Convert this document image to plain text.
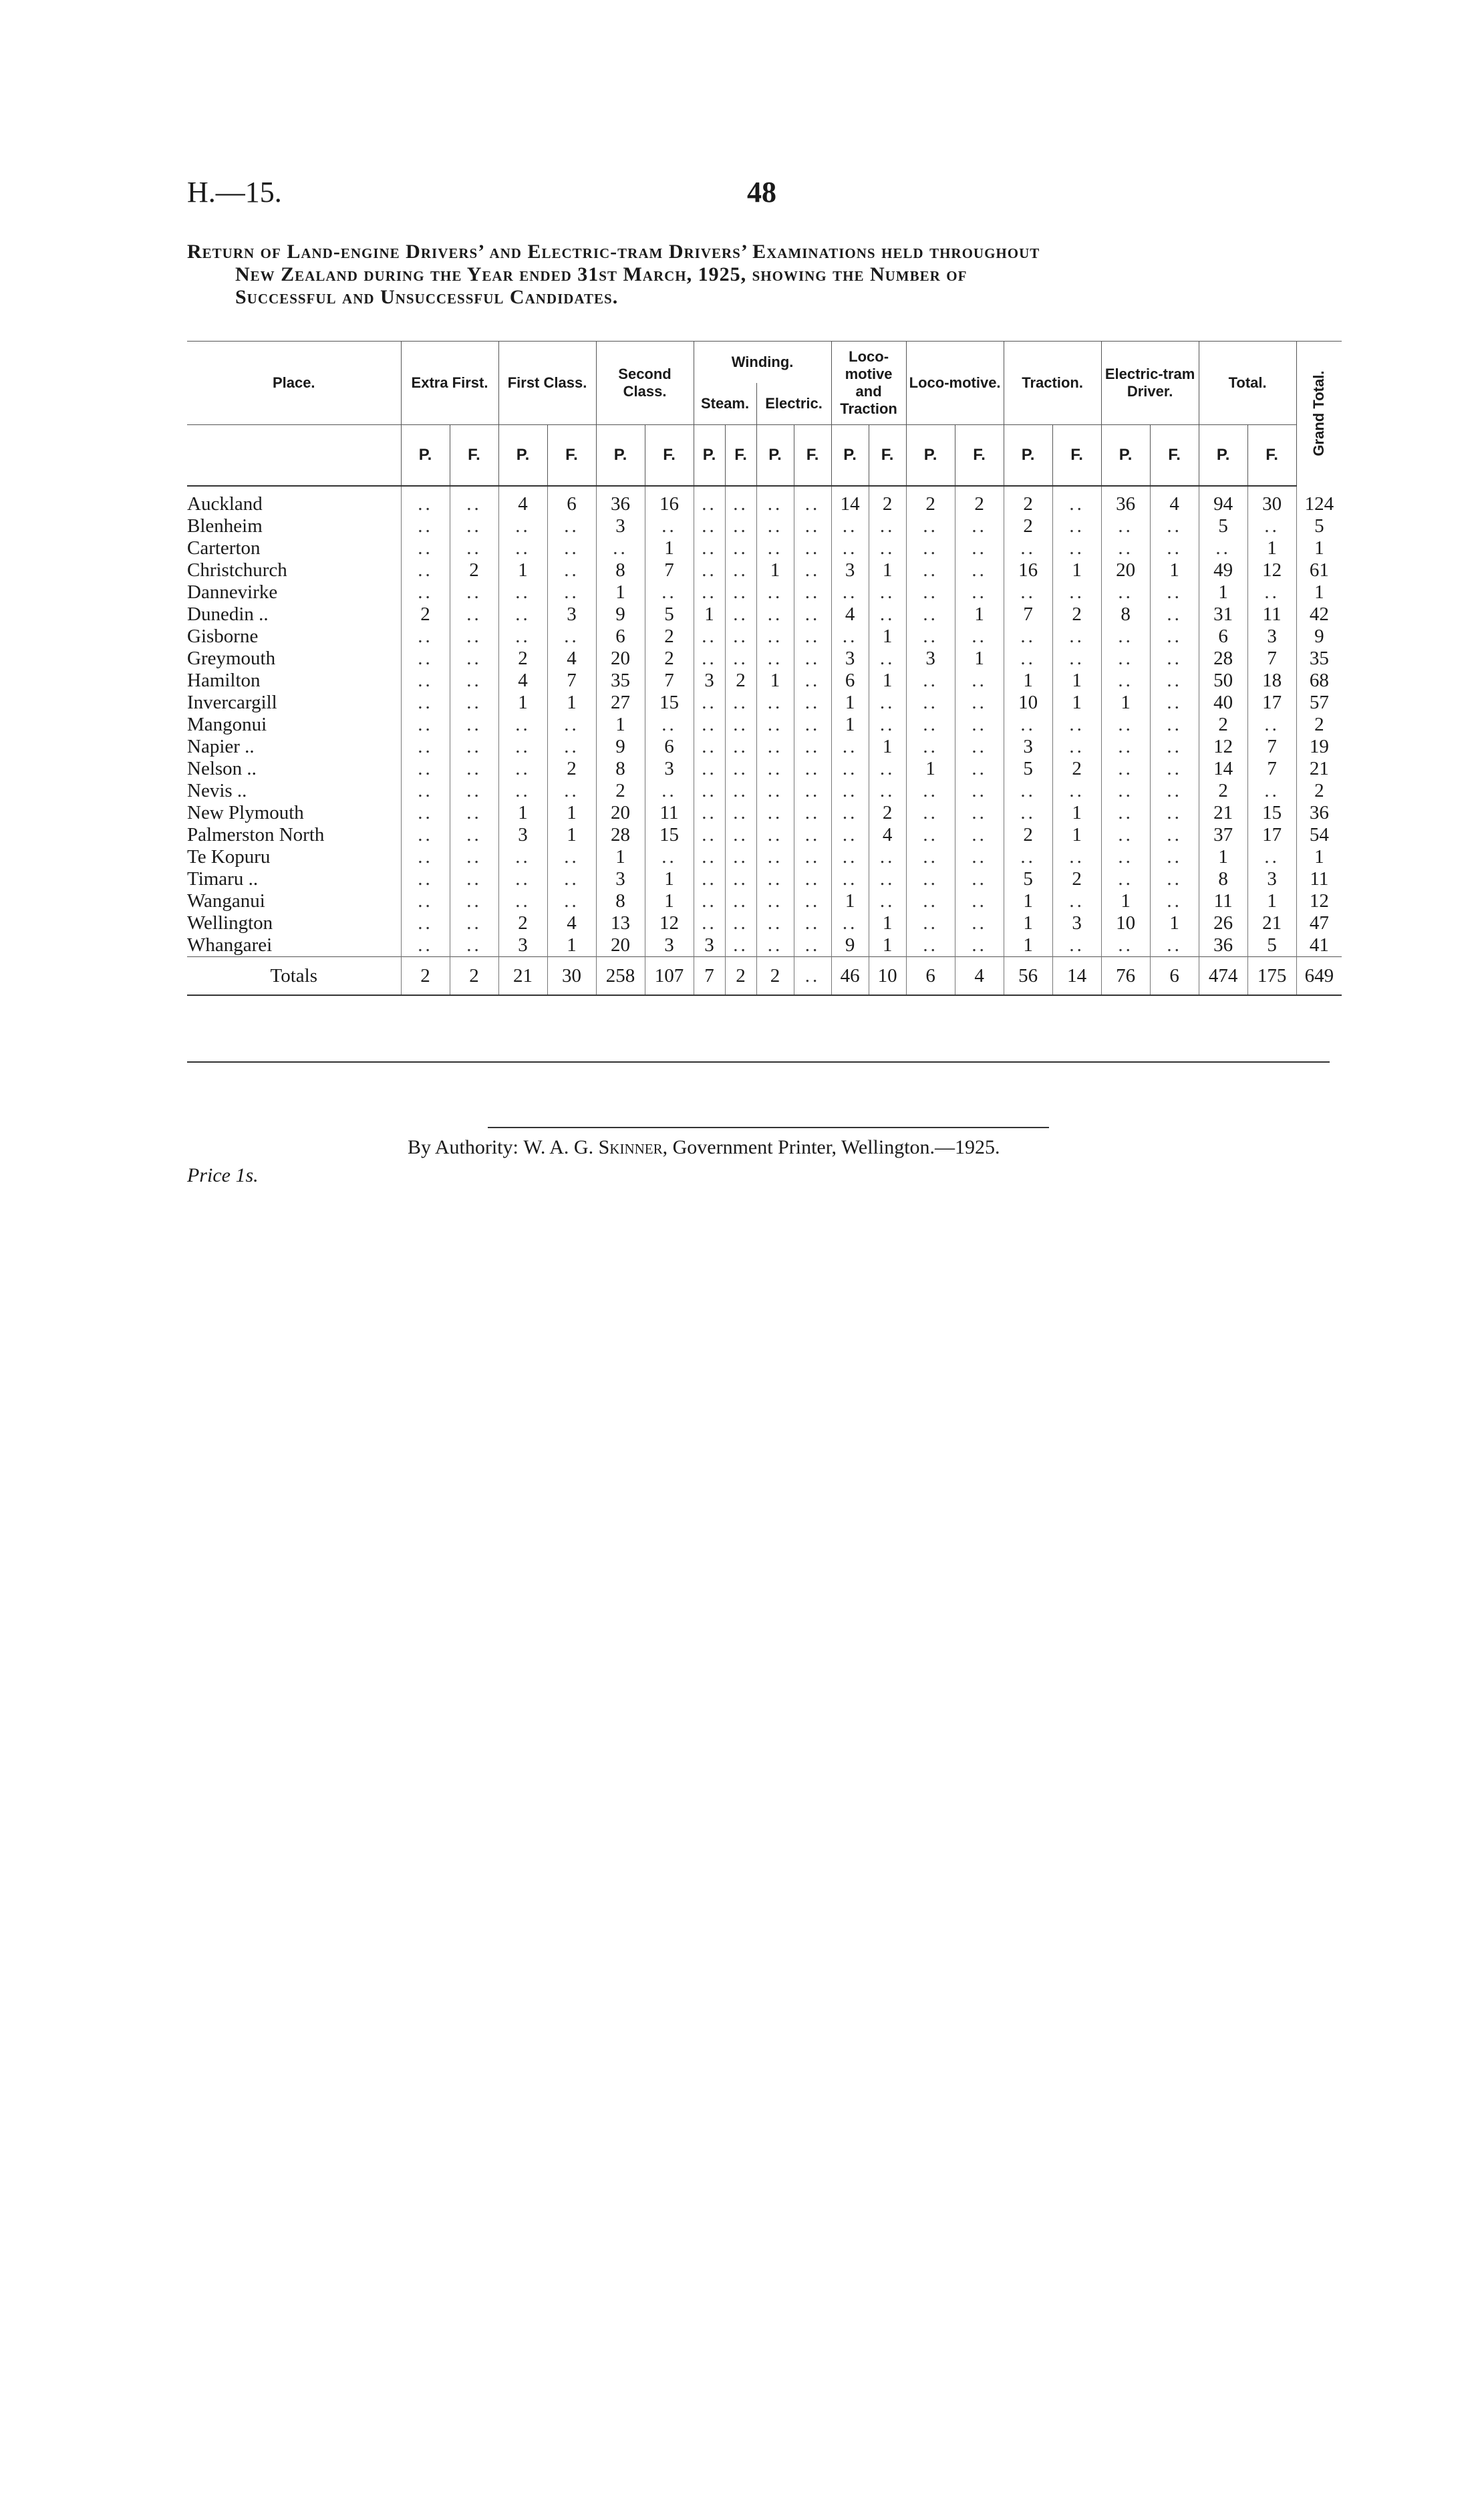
H.—15.	48
Return of Land-engine Drivers’ and Electric-tram Drivers’ Examinations held throughout
New Zealand during the Year ended 31st March, 1925, showing the Number of
Successful and Unsuccessful Candidates.
Place.	Extra First.		First Class.		Second Class.		Winding.				Loco-motive and Traction		Loco-motive.		Traction.		Electric-tram Driver.		Total.		Grand Total.
							Steam.		Electric.												
	P.	F.	P.	F.	P.	F.	P.	F.	P.	F.	P.	F.	P.	F.	P.	F.	P.	F.	P.	F.	
Auckland	..	..	4	6	36	16	..	..	..	..	14	2	2	2	2	..	36	4	94	30	124
Blenheim	..	..	..	..	3	..	..	..	..	..	..	..	..	..	2	..	..	..	5	..	5
Carterton	..	..	..	..	..	1	..	..	..	..	..	..	..	..	..	..	..	..	..	1	1
Christchurch	..	2	1	..	8	7	..	..	1	..	3	1	..	..	16	1	20	1	49	12	61
Dannevirke	..	..	..	..	1	..	..	..	..	..	..	..	..	..	..	..	..	..	1	..	1
Dunedin ..	2	..	..	3	9	5	1	..	..	..	4	..	..	1	7	2	8	..	31	11	42
Gisborne	..	..	..	..	6	2	..	..	..	..	..	1	..	..	..	..	..	..	6	3	9
Greymouth	..	..	2	4	20	2	..	..	..	..	3	..	3	1	..	..	..	..	28	7	35
Hamilton	..	..	4	7	35	7	3	2	1	..	6	1	..	..	1	1	..	..	50	18	68
Invercargill	..	..	1	1	27	15	..	..	..	..	1	..	..	..	10	1	1	..	40	17	57
Mangonui	..	..	..	..	1	..	..	..	..	..	1	..	..	..	..	..	..	..	2	..	2
Napier ..	..	..	..	..	9	6	..	..	..	..	..	1	..	..	3	..	..	..	12	7	19
Nelson ..	..	..	..	2	8	3	..	..	..	..	..	..	1	..	5	2	..	..	14	7	21
Nevis ..	..	..	..	..	2	..	..	..	..	..	..	..	..	..	..	..	..	..	2	..	2
New Plymouth	..	..	1	1	20	11	..	..	..	..	..	2	..	..	..	1	..	..	21	15	36
Palmerston North	..	..	3	1	28	15	..	..	..	..	..	4	..	..	2	1	..	..	37	17	54
Te Kopuru	..	..	..	..	1	..	..	..	..	..	..	..	..	..	..	..	..	..	1	..	1
Timaru ..	..	..	..	..	3	1	..	..	..	..	..	..	..	..	5	2	..	..	8	3	11
Wanganui	..	..	..	..	8	1	..	..	..	..	1	..	..	..	1	..	1	..	11	1	12
Wellington	..	..	2	4	13	12	..	..	..	..	..	1	..	..	1	3	10	1	26	21	47
Whangarei	..	..	3	1	20	3	3	..	..	..	9	1	..	..	1	..	..	..	36	5	41
Totals	2	2	21	30	258	107	7	2	2	..	46	10	6	4	56	14	76	6	474	175	649
By Authority: W. A. G. Skinner, Government Printer, Wellington.—1925.
Price 1s.
